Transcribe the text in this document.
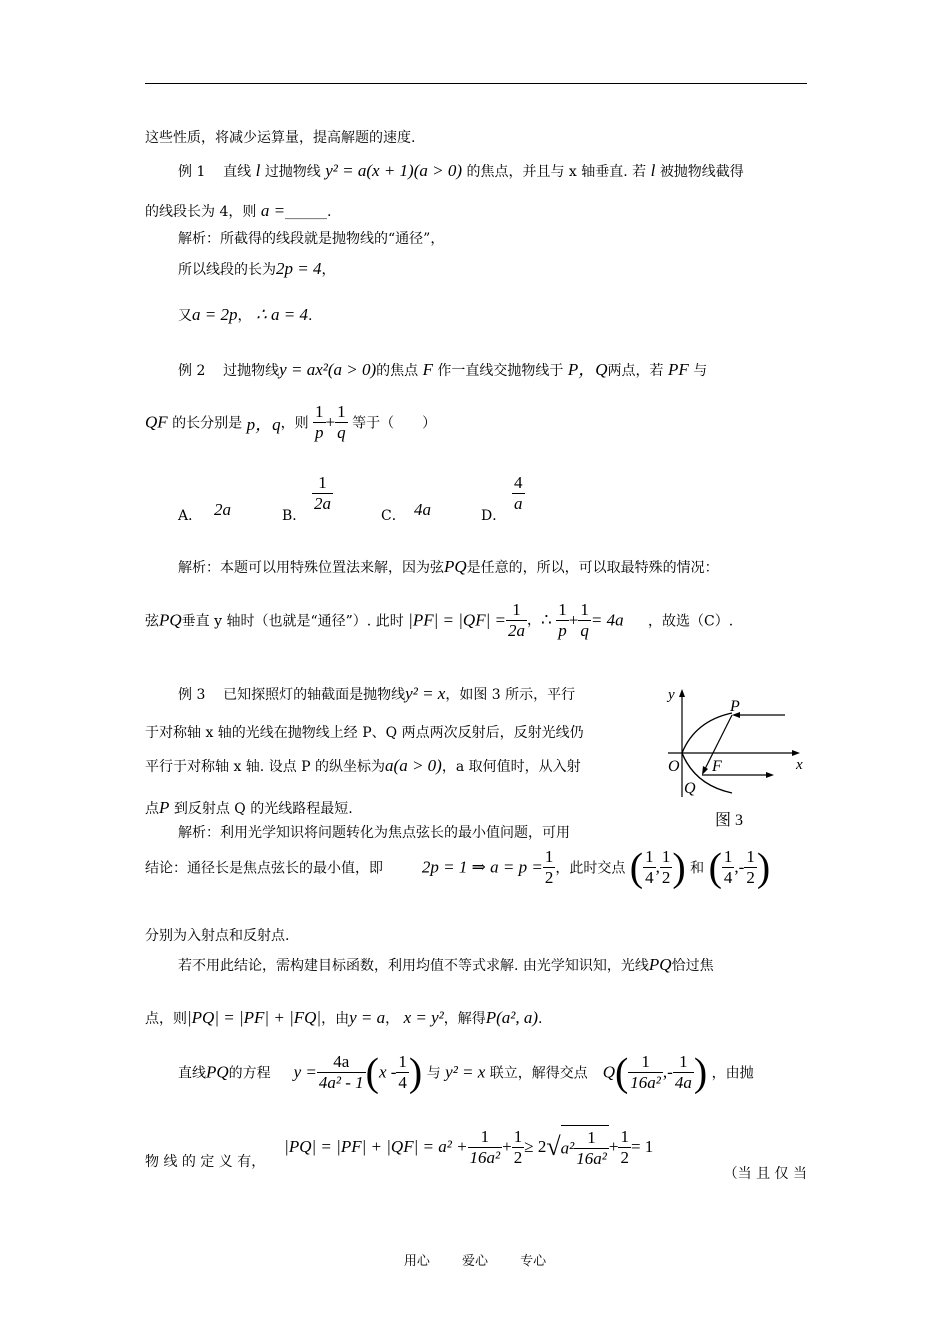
这些性质，将减少运算量，提高解题的速度.
例 1 直线 l 过抛物线 y² = a(x + 1)(a > 0) 的焦点，并且与 x 轴垂直. 若 l 被抛物线截得
的线段长为 4，则 a =______.
解析：所截得的线段就是抛物线的“通径”，
所以线段的长为2p = 4，
又a = 2p， ∴ a = 4.
例 2 过抛物线y = ax²(a > 0)的焦点 F 作一直线交抛物线于 P，Q两点，若 PF 与
QF 的长分别是 p，q，则 $\frac{1}{p} + \frac{1}{q}$ 等于（　　）
A． 2a	B．
$\frac{1}{2a}$
C． 4a	D．
$\frac{4}{a}$
解析：本题可以用特殊位置法来解，因为弦PQ是任意的，所以，可以取最特殊的情况：
弦PQ垂直 y 轴时（也就是“通径”）. 此时 $|PF| = |QF| = \frac{1}{2a}$ ，∴ $\frac{1}{p} + \frac{1}{q} = 4a$ ，故选（C）.
例 3 已知探照灯的轴截面是抛物线y² = x，如图 3 所示，平行
于对称轴 x 轴的光线在抛物线上经 P、Q 两点两次反射后，反射光线仍
平行于对称轴 x 轴. 设点 P 的纵坐标为a(a > 0)，a 取何值时，从入射
点P 到反射点 Q 的光线路程最短.
y
x
P
O F
Q
图 3
解析：利用光学知识将问题转化为焦点弦长的最小值问题，可用
结论：通径长是焦点弦长的最小值，即 2p = 1 ⇒ $a = p = \frac{1}{2}$ ，此时交点 ( $\frac{1}{4}$ , $\frac{1}{2}$ ) 和 ( $\frac{1}{4}$ ,- $\frac{1}{2}$ )
分别为入射点和反射点.
若不用此结论，需构建目标函数，利用均值不等式求解. 由光学知识知，光线PQ恰过焦
点，则|PQ| = |PF| + |FQ|，由y = a， x = y²，解得P(a², a).
直线PQ的方程 $y = \frac{4a}{\text{4a² - 1}} (x - \frac{1}{4}$ ) 与 y² = x 联立，解得交点 $Q( \frac{1}{\text{16a²}}$ ,- $\frac{1}{4a}$ ) ，由抛
物 线 的 定 义 有，  $|PQ| = |PF| + |QF| = a^2 + \frac{1}{\text{16a²}} + \frac{1}{2} \ge 2√a^2 \frac{1}{\text{16a²}} + \frac{1}{2} = 1$
（当 且 仅 当
用心 爱心 专心
